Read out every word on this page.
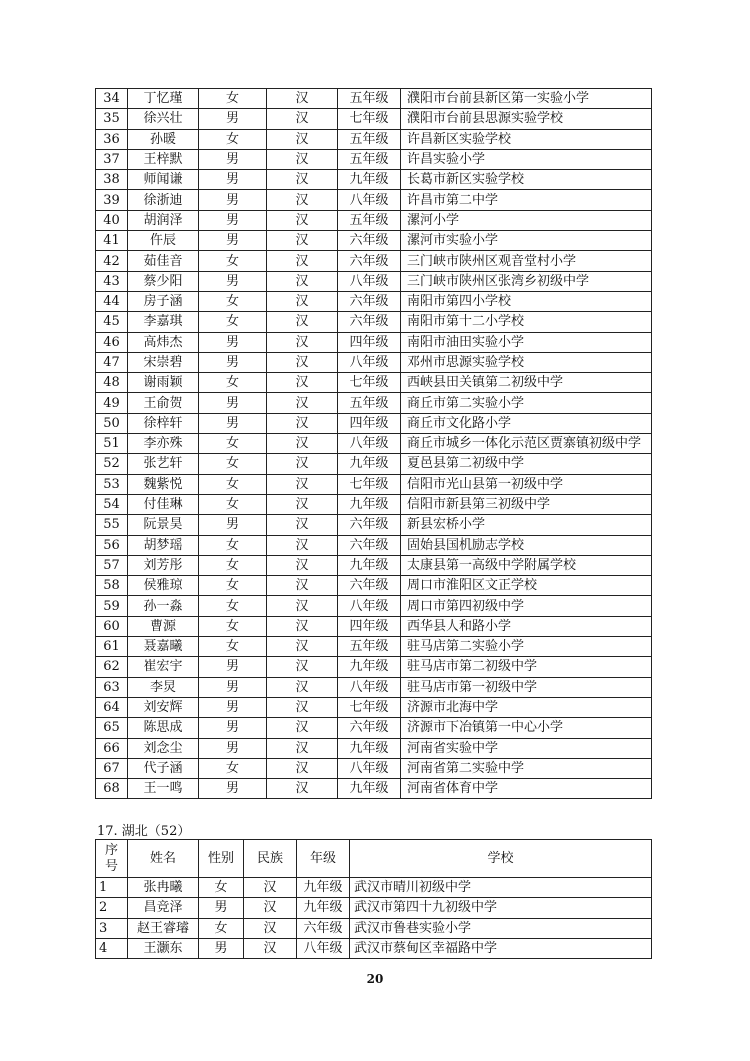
34	丁忆瑾	女	汉	五年级	濮阳市台前县新区第一实验小学
35	徐兴壮	男	汉	七年级	濮阳市台前县思源实验学校
36	孙暖	女	汉	五年级	许昌新区实验学校
37	王梓默	男	汉	五年级	许昌实验小学
38	师闻谦	男	汉	九年级	长葛市新区实验学校
39	徐浙迪	男	汉	八年级	许昌市第二中学
40	胡润泽	男	汉	五年级	漯河小学
41	仵辰	男	汉	六年级	漯河市实验小学
42	茹佳音	女	汉	六年级	三门峡市陕州区观音堂村小学
43	蔡少阳	男	汉	八年级	三门峡市陕州区张湾乡初级中学
44	房子涵	女	汉	六年级	南阳市第四小学校
45	李嘉琪	女	汉	六年级	南阳市第十二小学校
46	高炜杰	男	汉	四年级	南阳市油田实验小学
47	宋崇碧	男	汉	八年级	邓州市思源实验学校
48	谢雨颖	女	汉	七年级	西峡县田关镇第二初级中学
49	王俞贺	男	汉	五年级	商丘市第二实验小学
50	徐梓轩	男	汉	四年级	商丘市文化路小学
51	李亦殊	女	汉	八年级	商丘市城乡一体化示范区贾寨镇初级中学
52	张艺轩	女	汉	九年级	夏邑县第二初级中学
53	魏紫悦	女	汉	七年级	信阳市光山县第一初级中学
54	付佳琳	女	汉	九年级	信阳市新县第三初级中学
55	阮景昊	男	汉	六年级	新县宏桥小学
56	胡梦瑶	女	汉	六年级	固始县国机励志学校
57	刘芳彤	女	汉	九年级	太康县第一高级中学附属学校
58	侯雅琼	女	汉	六年级	周口市淮阳区文正学校
59	孙一淼	女	汉	八年级	周口市第四初级中学
60	曹源	女	汉	四年级	西华县人和路小学
61	聂嘉曦	女	汉	五年级	驻马店第二实验小学
62	崔宏宇	男	汉	九年级	驻马店市第二初级中学
63	李炅	男	汉	八年级	驻马店市第一初级中学
64	刘安辉	男	汉	七年级	济源市北海中学
65	陈思成	男	汉	六年级	济源市下冶镇第一中心小学
66	刘念尘	男	汉	九年级	河南省实验中学
67	代子涵	女	汉	八年级	河南省第二实验中学
68	王一鸣	男	汉	九年级	河南省体育中学
17. 湖北（52）
序
号	姓名	性别	民族	年级	学校
1	张冉曦	女	汉	九年级	武汉市晴川初级中学
2	昌竞泽	男	汉	九年级	武汉市第四十九初级中学
3	赵王睿璿	女	汉	六年级	武汉市鲁巷实验小学
4	王灏东	男	汉	八年级	武汉市蔡甸区幸福路中学
20
